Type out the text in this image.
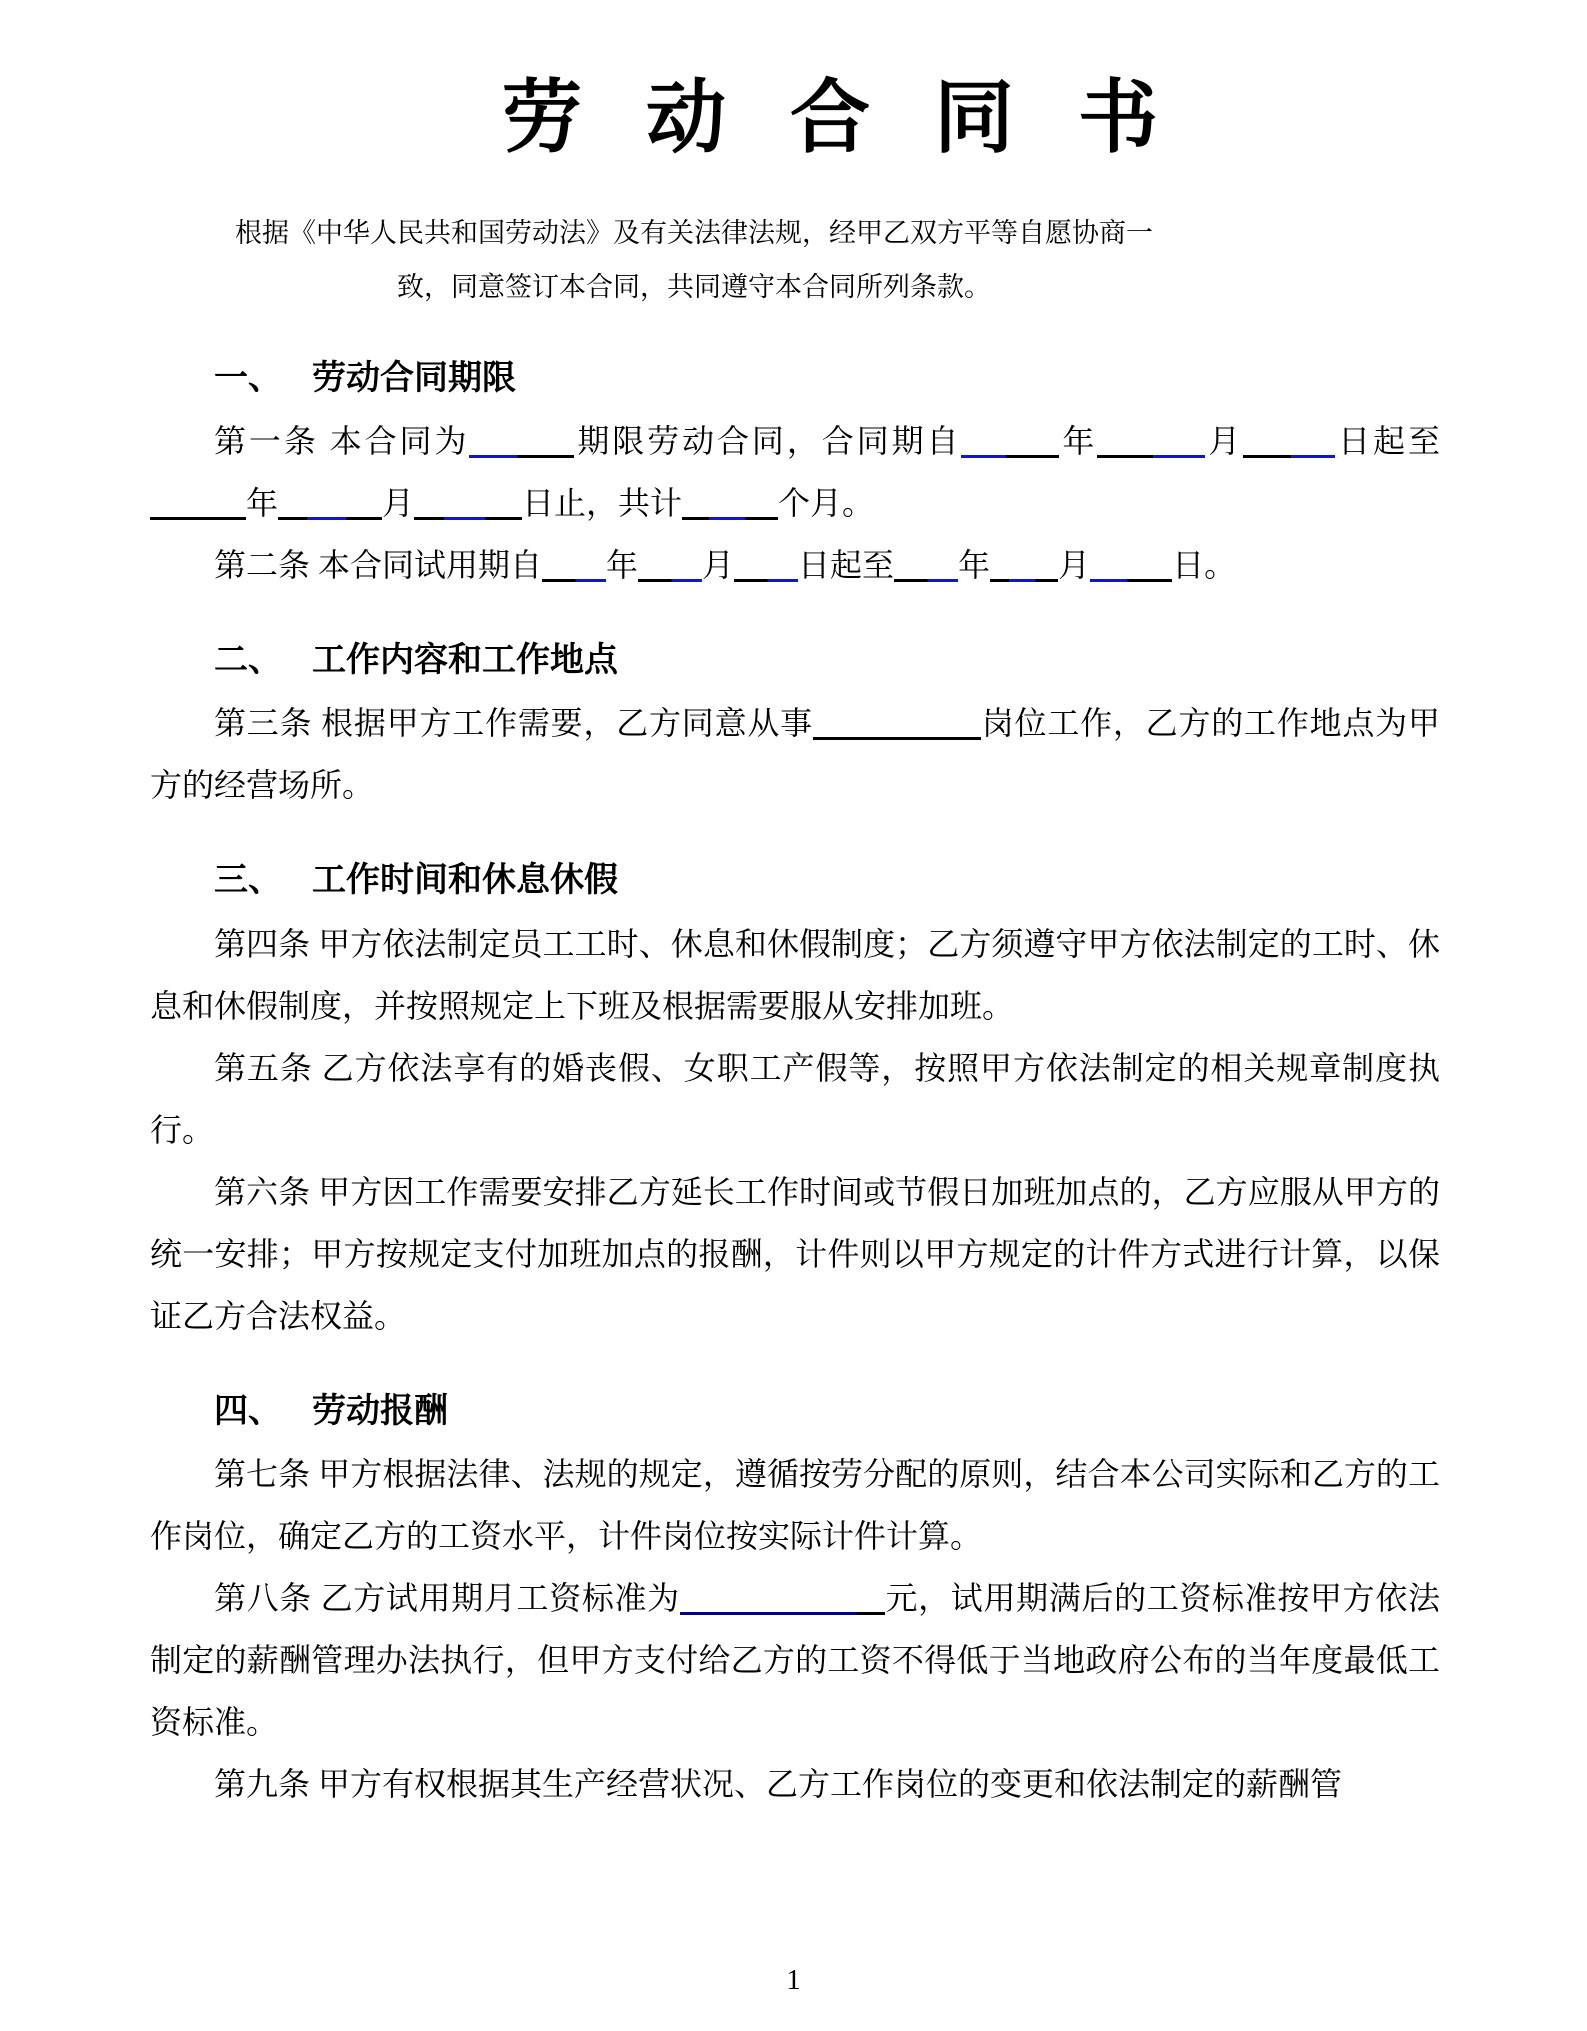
劳动合同书

根据《中华人民共和国劳动法》及有关法律法规，经甲乙双方平等自愿协商一致，同意签订本合同，共同遵守本合同所列条款。

一、 劳动合同期限

第一条 本合同为	期限劳动合同，合同期自	年	月	日起至年	月	日止，共计	个月。

第二条 本合同试用期自 年 月 日起至 年 月	日。

二、 工作内容和工作地点

第三条 根据甲方工作需要，乙方同意从事	岗位工作，乙方的工作地点为甲方的经营场所。

三、 工作时间和休息休假

第四条 甲方依法制定员工工时、休息和休假制度；乙方须遵守甲方依法制定的工时、休息和休假制度，并按照规定上下班及根据需要服从安排加班。

第五条 乙方依法享有的婚丧假、女职工产假等，按照甲方依法制定的相关规章制度执行。

第六条 甲方因工作需要安排乙方延长工作时间或节假日加班加点的，乙方应服从甲方的统一安排；甲方按规定支付加班加点的报酬，计件则以甲方规定的计件方式进行计算，以保证乙方合法权益。

四、 劳动报酬

第七条 甲方根据法律、法规的规定，遵循按劳分配的原则，结合本公司实际和乙方的工作岗位，确定乙方的工资水平，计件岗位按实际计件计算。

第八条 乙方试用期月工资标准为	元，试用期满后的工资标准按甲方依法制定的薪酬管理办法执行，但甲方支付给乙方的工资不得低于当地政府公布的当年度最低工资标准。

第九条 甲方有权根据其生产经营状况、乙方工作岗位的变更和依法制定的薪酬管

1
